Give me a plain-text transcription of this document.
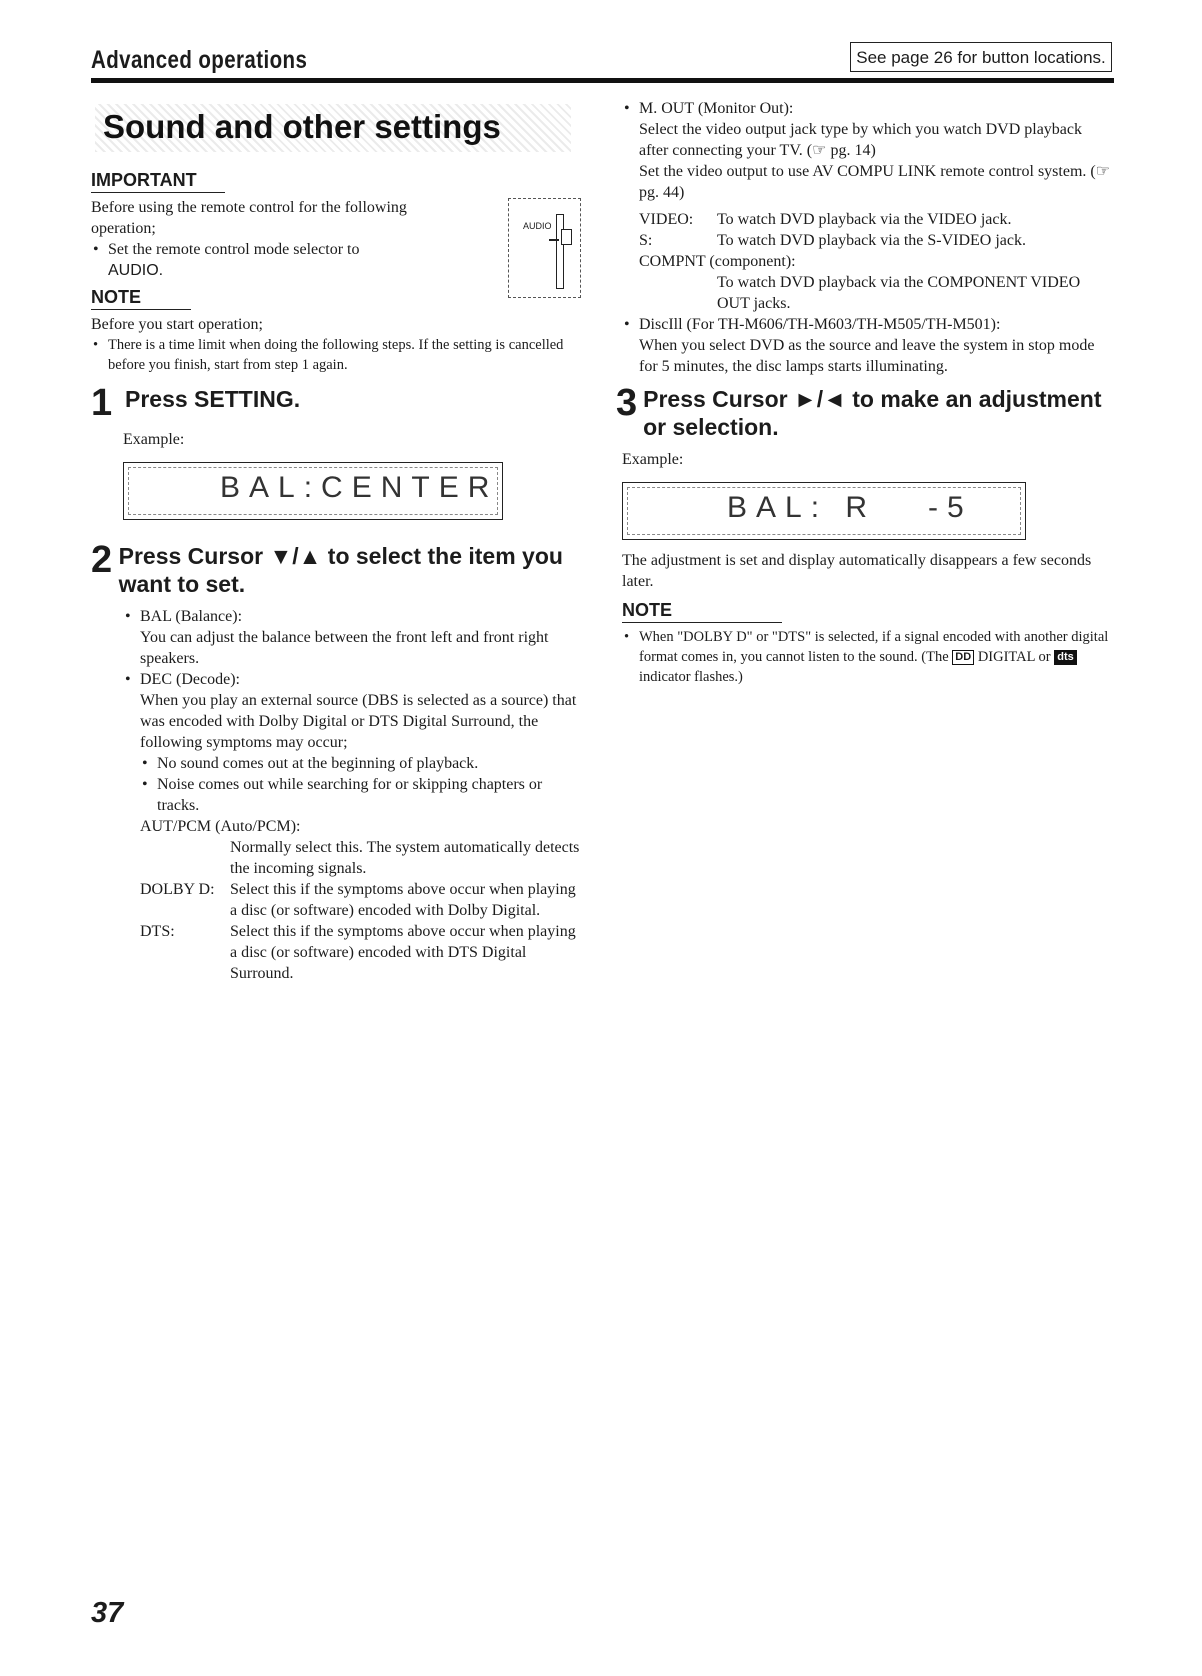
Advanced operations	See page 26 for button locations.
Sound and other settings
IMPORTANT
Before using the remote control for the following operation;
• Set the remote control mode selector to
AUDIO.
AUDIO
NOTE
Before you start operation;
• There is a time limit when doing the following steps. If the setting is cancelled before you finish, start from step 1 again.
1 Press SETTING.
Example:
BAL:CENTER
2 Press Cursor ▼/▲ to select the item you want to set.
• BAL (Balance):
You can adjust the balance between the front left and front right speakers.
• DEC (Decode):
When you play an external source (DBS is selected as a source) that was encoded with Dolby Digital or DTS Digital Surround, the following symptoms may occur;
• No sound comes out at the beginning of playback.
• Noise comes out while searching for or skipping chapters or tracks.
AUT/PCM (Auto/PCM):
Normally select this. The system automatically detects the incoming signals.
DOLBY D: Select this if the symptoms above occur when playing a disc (or software) encoded with Dolby Digital.
DTS:	Select this if the symptoms above occur when playing a disc (or software) encoded with DTS Digital Surround.
• M. OUT (Monitor Out):
Select the video output jack type by which you watch DVD playback after connecting your TV. (☞ pg. 14)
Set the video output to use AV COMPU LINK remote control system. (☞ pg. 44)
VIDEO:	To watch DVD playback via the VIDEO jack.
S:	To watch DVD playback via the S-VIDEO jack.
COMPNT (component):
To watch DVD playback via the COMPONENT VIDEO OUT jacks.
• DiscIll (For TH-M606/TH-M603/TH-M505/TH-M501):
When you select DVD as the source and leave the system in stop mode for 5 minutes, the disc lamps starts illuminating.
3 Press Cursor ►/◄ to make an adjustment or selection.
Example:
BAL: R   -5
The adjustment is set and display automatically disappears a few seconds later.
NOTE
• When "DOLBY D" or "DTS" is selected, if a signal encoded with another digital format comes in, you cannot listen to the sound. (The DD DIGITAL or dts indicator flashes.)
37
